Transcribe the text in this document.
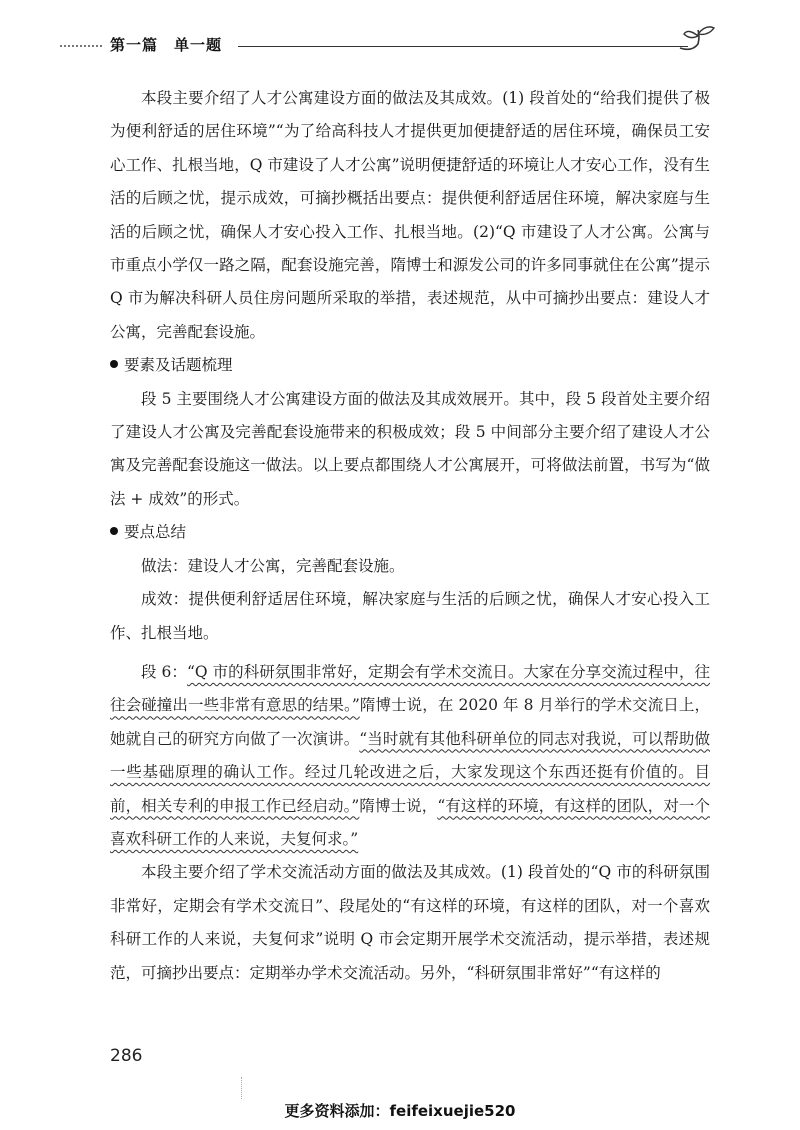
第一篇　单一题

本段主要介绍了人才公寓建设方面的做法及其成效。(1) 段首处的“给我们提供了极为便利舒适的居住环境”“为了给高科技人才提供更加便捷舒适的居住环境，确保员工安心工作、扎根当地，Q 市建设了人才公寓”说明便捷舒适的环境让人才安心工作，没有生活的后顾之忧，提示成效，可摘抄概括出要点：提供便利舒适居住环境，解决家庭与生活的后顾之忧，确保人才安心投入工作、扎根当地。(2)“Q 市建设了人才公寓。公寓与市重点小学仅一路之隔，配套设施完善，隋博士和源发公司的许多同事就住在公寓”提示 Q 市为解决科研人员住房问题所采取的举措，表述规范，从中可摘抄出要点：建设人才公寓，完善配套设施。

要素及话题梳理

段 5 主要围绕人才公寓建设方面的做法及其成效展开。其中，段 5 段首处主要介绍了建设人才公寓及完善配套设施带来的积极成效；段 5 中间部分主要介绍了建设人才公寓及完善配套设施这一做法。以上要点都围绕人才公寓展开，可将做法前置，书写为“做法 + 成效”的形式。

要点总结

做法：建设人才公寓，完善配套设施。

成效：提供便利舒适居住环境，解决家庭与生活的后顾之忧，确保人才安心投入工作、扎根当地。

段 6：“Q 市的科研氛围非常好，定期会有学术交流日。大家在分享交流过程中，往往会碰撞出一些非常有意思的结果。”隋博士说，在 2020 年 8 月举行的学术交流日上，她就自己的研究方向做了一次演讲。“当时就有其他科研单位的同志对我说，可以帮助做一些基础原理的确认工作。经过几轮改进之后，大家发现这个东西还挺有价值的。目前，相关专利的申报工作已经启动。”隋博士说，“有这样的环境，有这样的团队，对一个喜欢科研工作的人来说，夫复何求。”

本段主要介绍了学术交流活动方面的做法及其成效。(1) 段首处的“Q 市的科研氛围非常好，定期会有学术交流日”、段尾处的“有这样的环境，有这样的团队，对一个喜欢科研工作的人来说，夫复何求”说明 Q 市会定期开展学术交流活动，提示举措，表述规范，可摘抄出要点：定期举办学术交流活动。另外，“科研氛围非常好”“有这样的

286
更多资料添加：feifeixuejie520
